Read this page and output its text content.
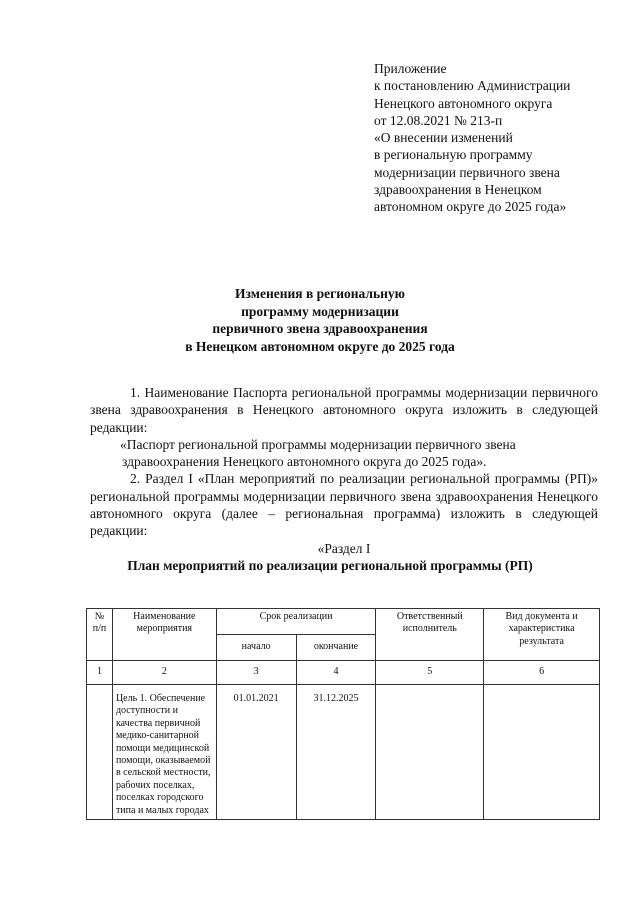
Приложение
к постановлению Администрации
Ненецкого автономного округа
от 12.08.2021 № 213-п
«О внесении изменений
в региональную программу
модернизации первичного звена
здравоохранения в Ненецком
автономном округе до 2025 года»
Изменения в региональную
программу модернизации
первичного звена здравоохранения
в Ненецком автономном округе до 2025 года

1. Наименование Паспорта региональной программы модернизации первичного звена здравоохранения в Ненецкого автономного округа изложить в следующей редакции:

«Паспорт региональной программы модернизации первичного звена

здравоохранения Ненецкого автономного округа до 2025 года».

2. Раздел I «План мероприятий по реализации региональной программы (РП)» региональной программы модернизации первичного звена здравоохранения Ненецкого автономного округа (далее – региональная программа) изложить в следующей редакции:

«Раздел I

План мероприятий по реализации региональной программы (РП)

№ п/п	Наименование мероприятия	Срок реализации		Ответственный исполнитель	Вид документа и характеристика результата
		начало	окончание		
1	2	3	4	5	6
	Цель 1. Обеспечение доступности и качества первичной медико-санитарной помощи медицинской помощи, оказываемой в сельской местности, рабочих поселках, поселках городского типа и малых городах	01.01.2021	31.12.2025		
